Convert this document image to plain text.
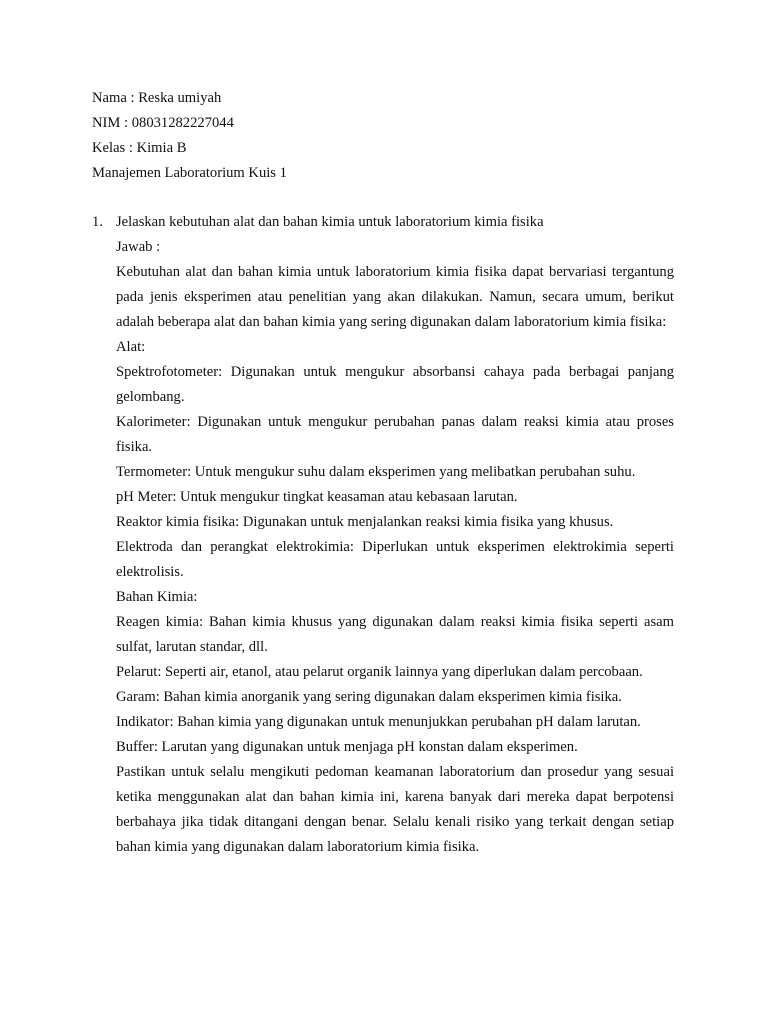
Nama : Reska umiyah
NIM : 08031282227044
Kelas : Kimia B
Manajemen Laboratorium Kuis 1
1. Jelaskan kebutuhan alat dan bahan kimia untuk laboratorium kimia fisika

Jawab :

Kebutuhan alat dan bahan kimia untuk laboratorium kimia fisika dapat bervariasi tergantung pada jenis eksperimen atau penelitian yang akan dilakukan. Namun, secara umum, berikut adalah beberapa alat dan bahan kimia yang sering digunakan dalam laboratorium kimia fisika:

Alat:

Spektrofotometer: Digunakan untuk mengukur absorbansi cahaya pada berbagai panjang gelombang.

Kalorimeter: Digunakan untuk mengukur perubahan panas dalam reaksi kimia atau proses fisika.

Termometer: Untuk mengukur suhu dalam eksperimen yang melibatkan perubahan suhu.

pH Meter: Untuk mengukur tingkat keasaman atau kebasaan larutan.

Reaktor kimia fisika: Digunakan untuk menjalankan reaksi kimia fisika yang khusus.

Elektroda dan perangkat elektrokimia: Diperlukan untuk eksperimen elektrokimia seperti elektrolisis.

Bahan Kimia:

Reagen kimia: Bahan kimia khusus yang digunakan dalam reaksi kimia fisika seperti asam sulfat, larutan standar, dll.

Pelarut: Seperti air, etanol, atau pelarut organik lainnya yang diperlukan dalam percobaan.

Garam: Bahan kimia anorganik yang sering digunakan dalam eksperimen kimia fisika.

Indikator: Bahan kimia yang digunakan untuk menunjukkan perubahan pH dalam larutan.

Buffer: Larutan yang digunakan untuk menjaga pH konstan dalam eksperimen.

Pastikan untuk selalu mengikuti pedoman keamanan laboratorium dan prosedur yang sesuai ketika menggunakan alat dan bahan kimia ini, karena banyak dari mereka dapat berpotensi berbahaya jika tidak ditangani dengan benar. Selalu kenali risiko yang terkait dengan setiap bahan kimia yang digunakan dalam laboratorium kimia fisika.
